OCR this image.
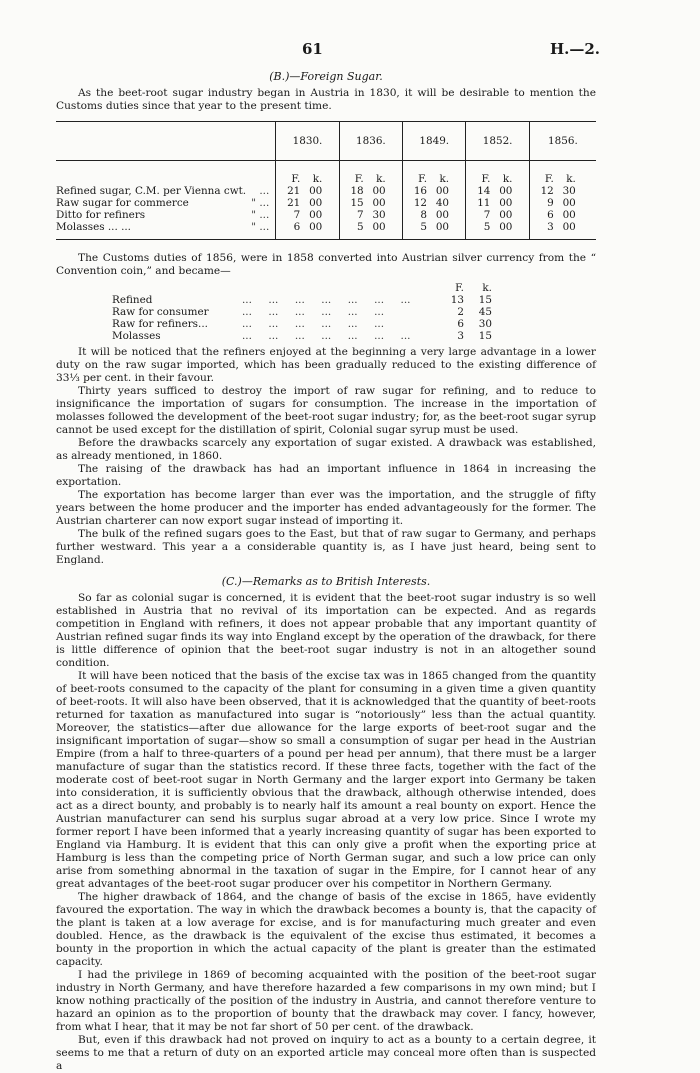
61	H.—2.
(B.)—Foreign Sugar.

As the beet-root sugar industry began in Austria in 1830, it will be desirable to mention the Customs duties since that year to the present time.

	1830.	1836.	1849.	1852.	1856.
	F. k.	F. k.	F. k.	F. k.	F. k.
Refined sugar, C.M. per Vienna cwt. ...	21 00	18 00	16 00	14 00	12 30
Raw sugar for commerce " ...	21 00	15 00	12 40	11 00	9 00
Ditto for refiners " ...	7 00	7 30	8 00	7 00	6 00
Molasses ... ... " ...	6 00	5 00	5 00	5 00	3 00

The Customs duties of 1856, were in 1858 converted into Austrian silver currency from the “ Convention coin,” and became—

F.	k.
Refined	...     ...     ...     ...     ...     ...     ...	13	15
Raw for consumer	...     ...     ...     ...     ...     ...	2	45
Raw for refiners...	...     ...     ...     ...     ...     ...	6	30
Molasses	...     ...     ...     ...     ...     ...     ...	3	15

It will be noticed that the refiners enjoyed at the beginning a very large advantage in a lower duty on the raw sugar imported, which has been gradually reduced to the existing difference of 33⅓ per cent. in their favour.

Thirty years sufficed to destroy the import of raw sugar for refining, and to reduce to insignificance the importation of sugars for consumption. The increase in the importation of molasses followed the development of the beet-root sugar industry; for, as the beet-root sugar syrup cannot be used except for the distillation of spirit, Colonial sugar syrup must be used.

Before the drawbacks scarcely any exportation of sugar existed. A drawback was established, as already mentioned, in 1860.

The raising of the drawback has had an important influence in 1864 in increasing the exportation.

The exportation has become larger than ever was the importation, and the struggle of fifty years between the home producer and the importer has ended advantageously for the former. The Austrian charterer can now export sugar instead of importing it.

The bulk of the refined sugars goes to the East, but that of raw sugar to Germany, and perhaps further westward. This year a a considerable quantity is, as I have just heard, being sent to England.

(C.)—Remarks as to British Interests.

So far as colonial sugar is concerned, it is evident that the beet-root sugar industry is so well established in Austria that no revival of its importation can be expected. And as regards competition in England with refiners, it does not appear probable that any important quantity of Austrian refined sugar finds its way into England except by the operation of the drawback, for there is little difference of opinion that the beet-root sugar industry is not in an altogether sound condition.

It will have been noticed that the basis of the excise tax was in 1865 changed from the quantity of beet-roots consumed to the capacity of the plant for consuming in a given time a given quantity of beet-roots. It will also have been observed, that it is acknowledged that the quantity of beet-roots returned for taxation as manufactured into sugar is “notoriously” less than the actual quantity. Moreover, the statistics—after due allowance for the large exports of beet-root sugar and the insignificant importation of sugar—show so small a consumption of sugar per head in the Austrian Empire (from a half to three-quarters of a pound per head per annum), that there must be a larger manufacture of sugar than the statistics record. If these three facts, together with the fact of the moderate cost of beet-root sugar in North Germany and the larger export into Germany be taken into consideration, it is sufficiently obvious that the drawback, although otherwise intended, does act as a direct bounty, and probably is to nearly half its amount a real bounty on export. Hence the Austrian manufacturer can send his surplus sugar abroad at a very low price. Since I wrote my former report I have been informed that a yearly increasing quantity of sugar has been exported to England via Hamburg. It is evident that this can only give a profit when the exporting price at Hamburg is less than the competing price of North German sugar, and such a low price can only arise from something abnormal in the taxation of sugar in the Empire, for I cannot hear of any great advantages of the beet-root sugar producer over his competitor in Northern Germany.

The higher drawback of 1864, and the change of basis of the excise in 1865, have evidently favoured the exportation. The way in which the drawback becomes a bounty is, that the capacity of the plant is taken at a low average for excise, and is for manufacturing much greater and even doubled. Hence, as the drawback is the equivalent of the excise thus estimated, it becomes a bounty in the proportion in which the actual capacity of the plant is greater than the estimated capacity.

I had the privilege in 1869 of becoming acquainted with the position of the beet-root sugar industry in North Germany, and have therefore hazarded a few comparisons in my own mind; but I know nothing practically of the position of the industry in Austria, and cannot therefore venture to hazard an opinion as to the proportion of bounty that the drawback may cover. I fancy, however, from what I hear, that it may be not far short of 50 per cent. of the drawback.

But, even if this drawback had not proved on inquiry to act as a bounty to a certain degree, it seems to me that a return of duty on an exported article may conceal more often than is suspected a
